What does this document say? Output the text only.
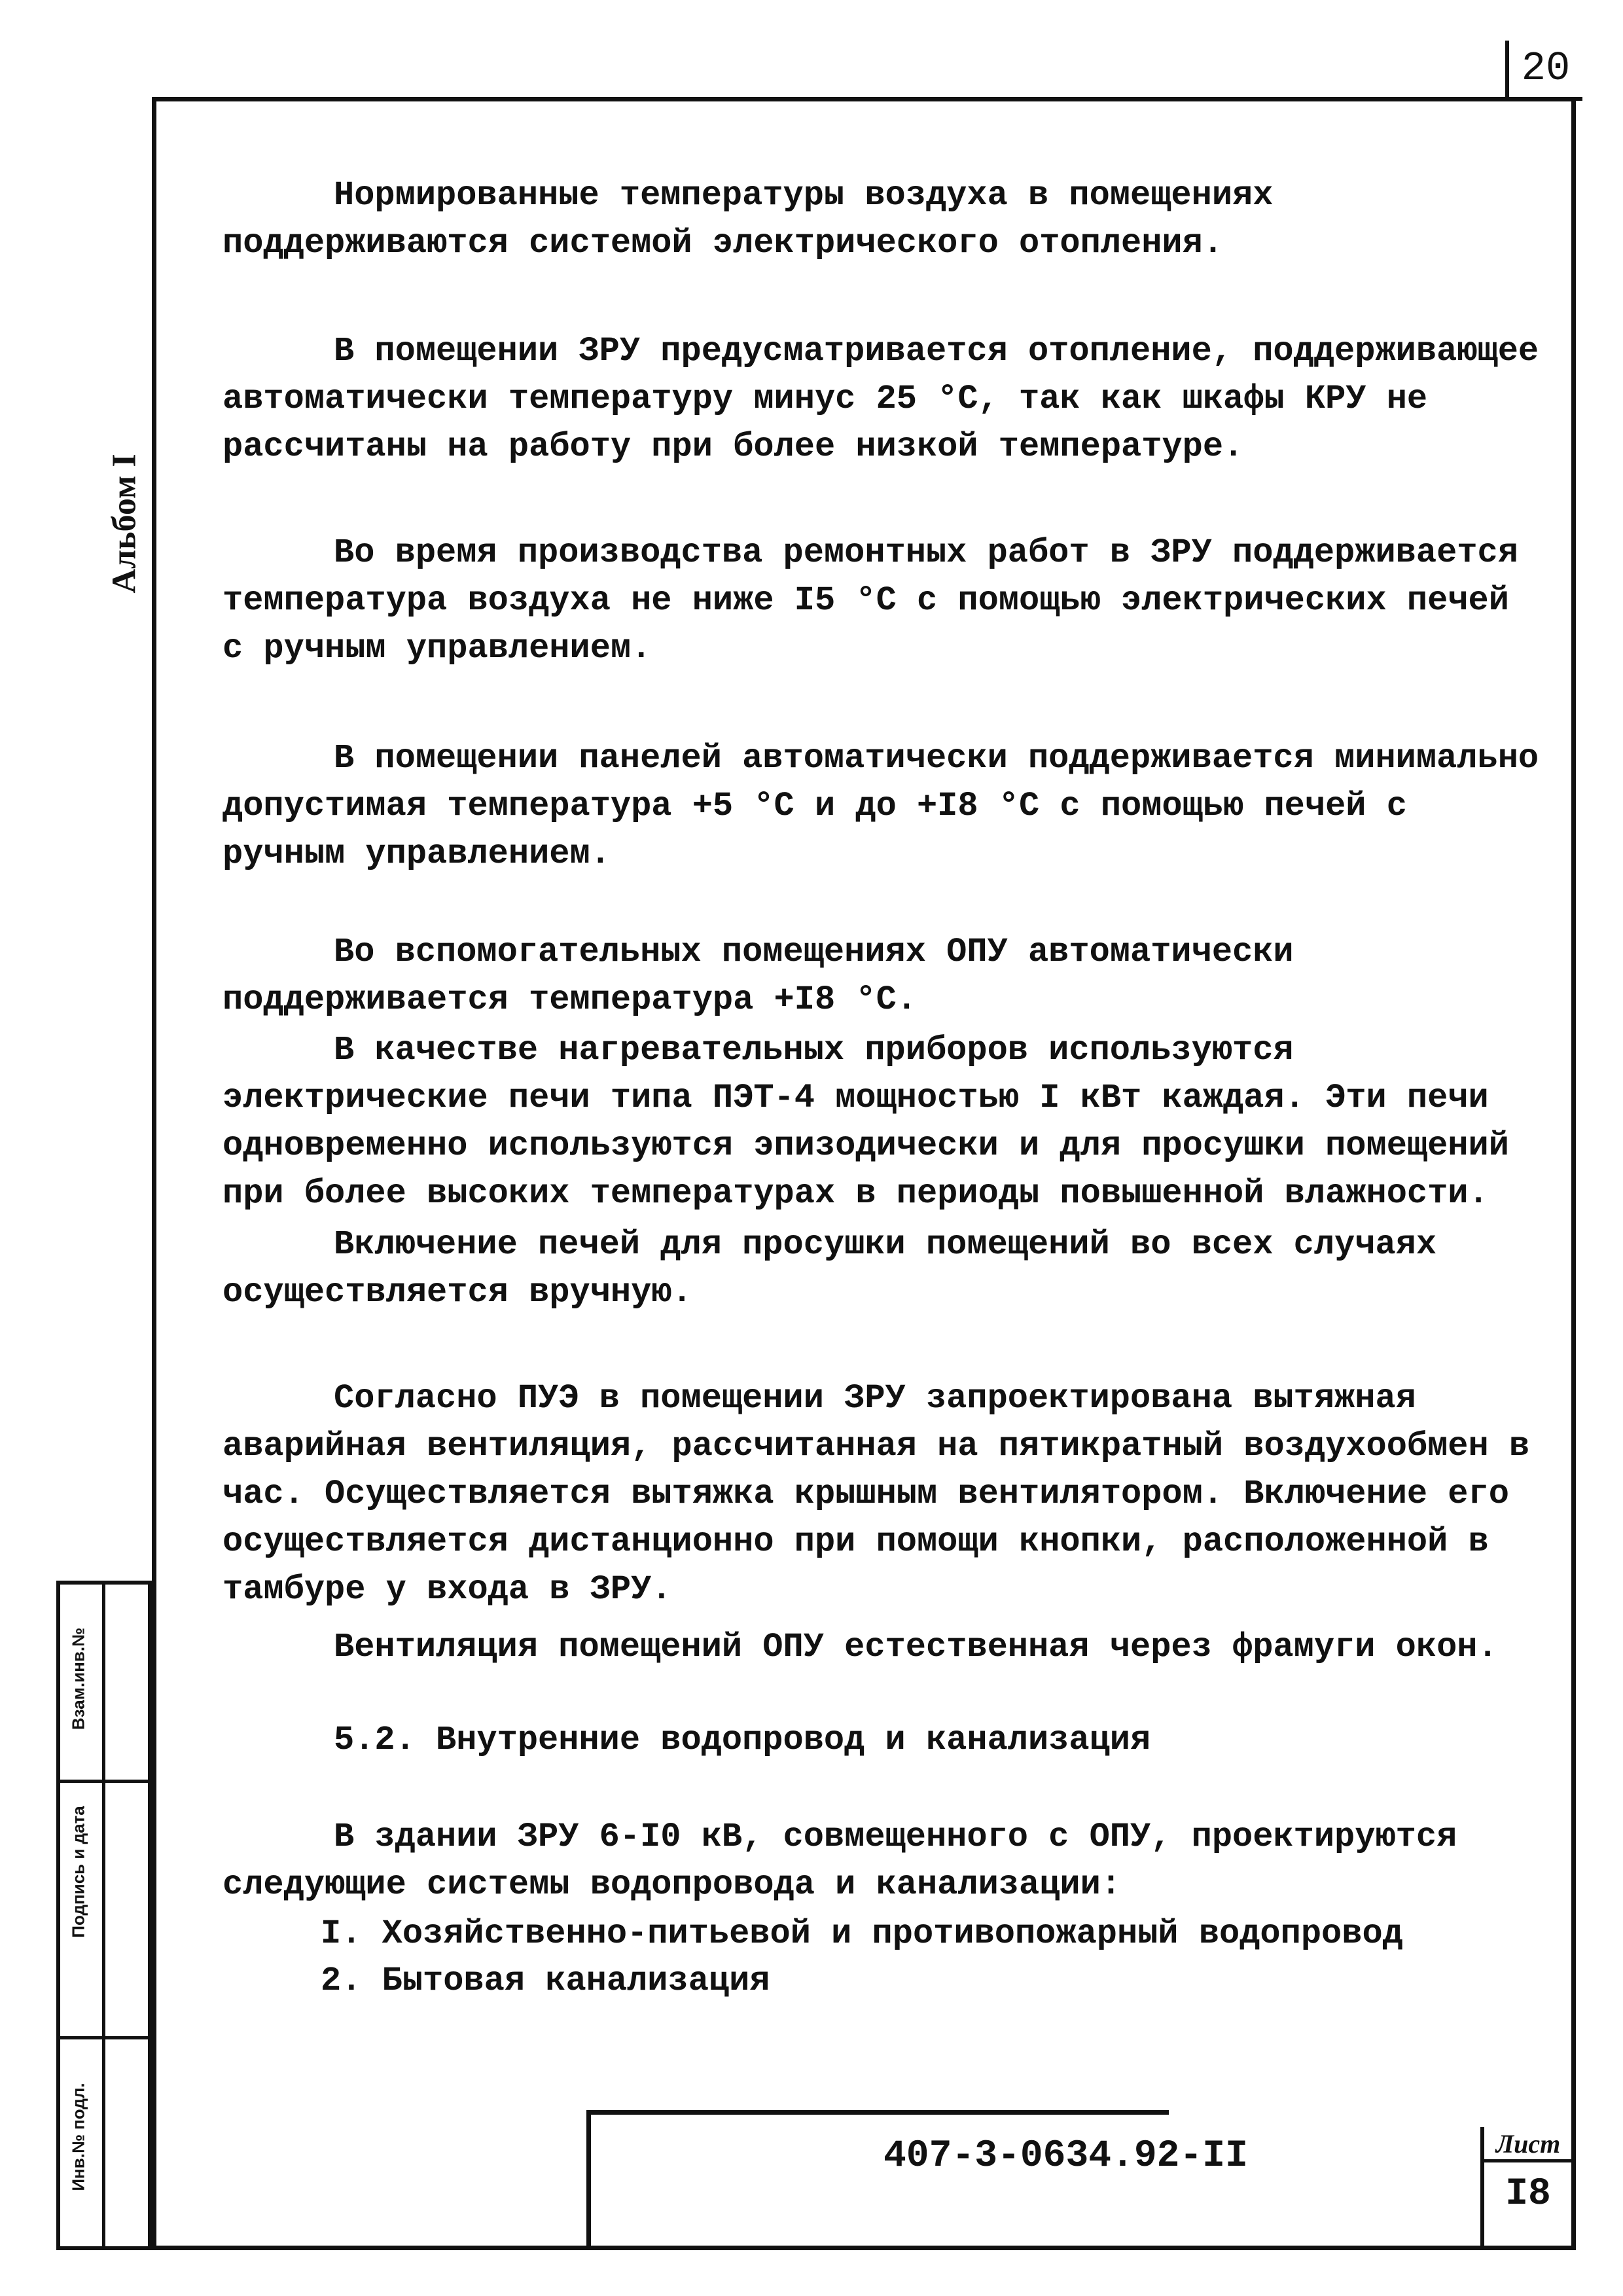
20
Альбом I
Взам.инв.№
Подпись и дата
Инв.№ подл.

Нормированные температуры воздуха в помещениях поддерживаются системой электрического отопления.

В помещении ЗРУ предусматривается отопление, поддерживающее автоматически температуру минус 25 °С, так как шкафы КРУ не рассчитаны на работу при более низкой температуре.

Во время производства ремонтных работ в ЗРУ поддерживается температура воздуха не ниже I5 °С с помощью электрических печей с ручным управлением.

В помещении панелей автоматически поддерживается минимально допустимая температура +5 °С и до +I8 °С с помощью печей с ручным управлением.

Во вспомогательных помещениях ОПУ автоматически поддерживается температура +I8 °С.

В качестве нагревательных приборов используются электрические печи типа ПЭТ-4 мощностью I кВт каждая. Эти печи одновременно используются эпизодически и для просушки помещений при более высоких температурах в периоды повышенной влажности.

Включение печей для просушки помещений во всех случаях осуществляется вручную.

Согласно ПУЭ в помещении ЗРУ запроектирована вытяжная аварийная вентиляция, рассчитанная на пятикратный воздухообмен в час. Осуществляется вытяжка крышным вентилятором. Включение его осуществляется дистанционно при помощи кнопки, расположенной в тамбуре у входа в ЗРУ.

Вентиляция помещений ОПУ естественная через фрамуги окон.

5.2. Внутренние водопровод и канализация

В здании ЗРУ 6-I0 кВ, совмещенного с ОПУ, проектируются следующие системы водопровода и канализации:

I. Хозяйственно-питьевой и противопожарный водопровод

2. Бытовая канализация

407-3-0634.92-II	Лист
I8
